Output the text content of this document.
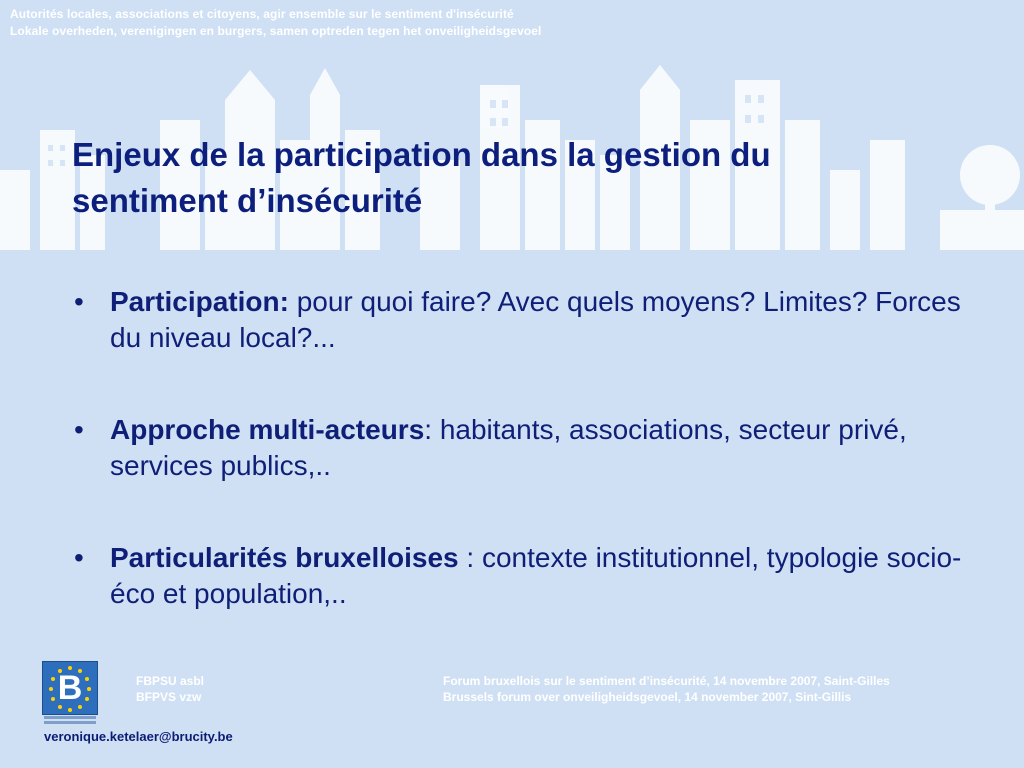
Autorités locales, associations et citoyens, agir ensemble sur le sentiment d'insécurité
Lokale overheden, verenigingen en burgers, samen optreden tegen het onveiligheidsgevoel
Enjeux de la participation dans la gestion du
sentiment d’insécurité
• Participation: pour quoi faire? Avec quels moyens? Limites? Forces du niveau local?...
• Approche multi-acteurs: habitants, associations, secteur privé, services publics,..
• Particularités bruxelloises : contexte institutionnel, typologie socio-éco et population,..
B	FBPSU asbl
BFPVS vzw
Forum bruxellois sur le sentiment d’insécurité, 14 novembre 2007, Saint-Gilles
Brussels forum over onveiligheidsgevoel, 14 november 2007, Sint-Gillis
veronique.ketelaer@brucity.be
